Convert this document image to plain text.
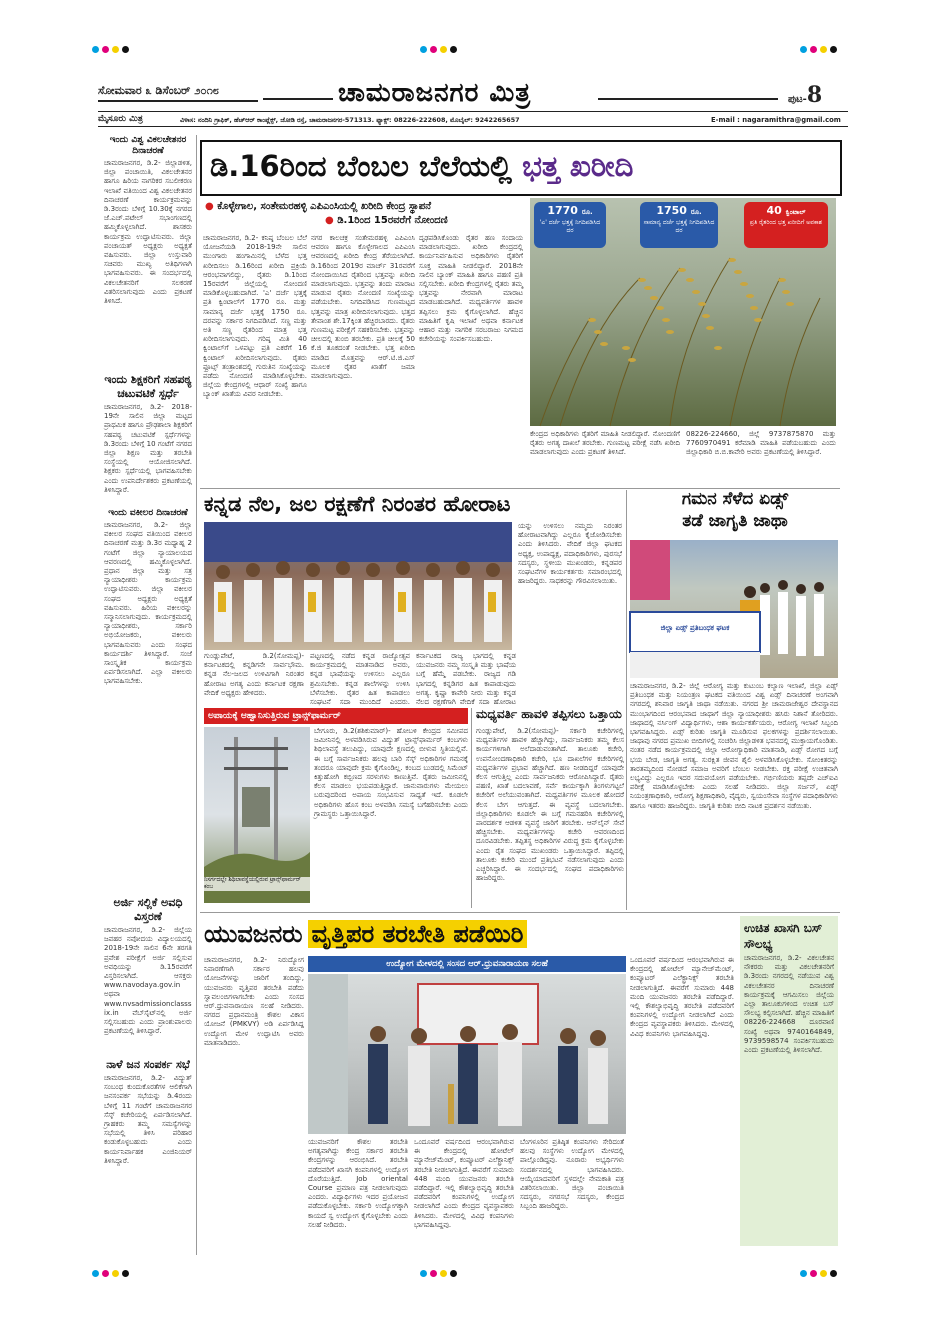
ಸೋಮವಾರ ೩ ಡಿಸೆಂಬರ್ ೨೦೧೮	ಚಾಮರಾಜನಗರ ಮಿತ್ರ	ಪುಟ-8
ಮೈಸೂರು ಮಿತ್ರ	ವಿಳಾಸ: ನಂದಿನಿ ಗ್ರಾಫಿಕ್, ಹೆಚ್‌ಆರ್ ಕಾಂಪ್ಲೆಕ್ಸ್, ಜೋಡಿ ರಸ್ತೆ, ಚಾಮರಾಜನಗರ-571313. ಫ್ಯಾಕ್ಸ್: 08226-222608, ಮೊಬೈಲ್: 9242265657	E-mail : nagaramithra@gmail.com
ಇಂದು ವಿಶ್ವ ವಿಕಲಚೇತನರ ದಿನಾಚರಣೆ
ಚಾಮರಾಜನಗರ, ಡಿ.2- ಜಿಲ್ಲಾಡಳಿತ, ಜಿಲ್ಲಾ ಪಂಚಾಯಿತಿ, ವಿಕಲಚೇತನರ ಹಾಗೂ ಹಿರಿಯ ನಾಗರಿಕರ ಸಬಲೀಕರಣ ಇಲಾಖೆ ವತಿಯಿಂದ ವಿಶ್ವ ವಿಕಲಚೇತನರ ದಿನಾಚರಣೆ ಕಾರ್ಯಕ್ರಮವನ್ನು ಡಿ.3ರಂದು ಬೆಳಿಗ್ಗೆ 10.30ಕ್ಕೆ ನಗರದ ಜೆ.ಎಚ್.ಪಟೇಲ್ ಸಭಾಂಗಣದಲ್ಲಿ ಹಮ್ಮಿಕೊಳ್ಳಲಾಗಿದೆ. ಶಾಸಕರು ಕಾರ್ಯಕ್ರಮ ಉದ್ಘಾಟಿಸುವರು. ಜಿಲ್ಲಾ ಪಂಚಾಯತ್ ಅಧ್ಯಕ್ಷರು ಅಧ್ಯಕ್ಷತೆ ವಹಿಸುವರು. ಜಿಲ್ಲಾ ಉಸ್ತುವಾರಿ ಸಚಿವರು ಮುಖ್ಯ ಅತಿಥಿಗಳಾಗಿ ಭಾಗವಹಿಸುವರು. ಈ ಸಂದರ್ಭದಲ್ಲಿ ವಿಕಲಚೇತನರಿಗೆ ಸಲಕರಣೆ ವಿತರಿಸಲಾಗುವುದು ಎಂದು ಪ್ರಕಟಣೆ ತಿಳಿಸಿದೆ.
ಇಂದು ಶಿಕ್ಷಕರಿಗೆ ಸಹಪಠ್ಯ ಚಟುವಟಿಕೆ ಸ್ಪರ್ಧೆ
ಚಾಮರಾಜನಗರ, ಡಿ.2- 2018-19ನೇ ಸಾಲಿನ ಜಿಲ್ಲಾ ಮಟ್ಟದ ಪ್ರಾಥಮಿಕ ಹಾಗೂ ಪ್ರೌಢಶಾಲಾ ಶಿಕ್ಷಕರಿಗೆ ಸಹಪಠ್ಯ ಚಟುವಟಿಕೆ ಸ್ಪರ್ಧೆಗಳನ್ನು ಡಿ.3ರಂದು ಬೆಳಿಗ್ಗೆ 10 ಗಂಟೆಗೆ ನಗರದ ಜಿಲ್ಲಾ ಶಿಕ್ಷಣ ಮತ್ತು ತರಬೇತಿ ಸಂಸ್ಥೆಯಲ್ಲಿ ಆಯೋಜಿಸಲಾಗಿದೆ. ಶಿಕ್ಷಕರು ಸ್ಪರ್ಧೆಯಲ್ಲಿ ಭಾಗವಹಿಸಬೇಕು ಎಂದು ಉಪನಿರ್ದೇಶಕರು ಪ್ರಕಟಣೆಯಲ್ಲಿ ತಿಳಿಸಿದ್ದಾರೆ.
ಇಂದು ವಕೀಲರ ದಿನಾಚರಣೆ
ಚಾಮರಾಜನಗರ, ಡಿ.2- ಜಿಲ್ಲಾ ವಕೀಲರ ಸಂಘದ ವತಿಯಿಂದ ವಕೀಲರ ದಿನಾಚರಣೆ ಮತ್ತು ಡಿ.3ರ ಮಧ್ಯಾಹ್ನ 2 ಗಂಟೆಗೆ ಜಿಲ್ಲಾ ನ್ಯಾಯಾಲಯದ ಆವರಣದಲ್ಲಿ ಹಮ್ಮಿಕೊಳ್ಳಲಾಗಿದೆ. ಪ್ರಧಾನ ಜಿಲ್ಲಾ ಮತ್ತು ಸತ್ರ ನ್ಯಾಯಾಧೀಶರು ಕಾರ್ಯಕ್ರಮ ಉದ್ಘಾಟಿಸುವರು. ಜಿಲ್ಲಾ ವಕೀಲರ ಸಂಘದ ಅಧ್ಯಕ್ಷರು ಅಧ್ಯಕ್ಷತೆ ವಹಿಸುವರು. ಹಿರಿಯ ವಕೀಲರನ್ನು ಸನ್ಮಾನಿಸಲಾಗುವುದು. ಕಾರ್ಯಕ್ರಮದಲ್ಲಿ ನ್ಯಾಯಾಧೀಶರು, ಸರ್ಕಾರಿ ಅಭಿಯೋಜಕರು, ವಕೀಲರು ಭಾಗವಹಿಸುವರು ಎಂದು ಸಂಘದ ಕಾರ್ಯದರ್ಶಿ ತಿಳಿಸಿದ್ದಾರೆ. ಸಂಜೆ ಸಾಂಸ್ಕೃತಿಕ ಕಾರ್ಯಕ್ರಮ ಏರ್ಪಡಿಸಲಾಗಿದೆ. ಎಲ್ಲಾ ವಕೀಲರು ಭಾಗವಹಿಸಬೇಕು.
ಅರ್ಜಿ ಸಲ್ಲಿಕೆ ಅವಧಿ ವಿಸ್ತರಣೆ
ಚಾಮರಾಜನಗರ, ಡಿ.2- ಜಿಲ್ಲೆಯ ಜವಹರ ನವೋದಯ ವಿದ್ಯಾಲಯದಲ್ಲಿ 2018-19ನೇ ಸಾಲಿನ 6ನೇ ತರಗತಿ ಪ್ರವೇಶ ಪರೀಕ್ಷೆಗೆ ಅರ್ಜಿ ಸಲ್ಲಿಸುವ ಅವಧಿಯನ್ನು ಡಿ.15ರವರೆಗೆ ವಿಸ್ತರಿಸಲಾಗಿದೆ. ಆಸಕ್ತರು www.navodaya.gov.in ಅಥವಾ www.nvsadmissionclasssix.in ವೆಬ್‌ಸೈಟ್‌ನಲ್ಲಿ ಅರ್ಜಿ ಸಲ್ಲಿಸಬಹುದು ಎಂದು ಪ್ರಾಂಶುಪಾಲರು ಪ್ರಕಟಣೆಯಲ್ಲಿ ತಿಳಿಸಿದ್ದಾರೆ.
ನಾಳೆ ಜನ ಸಂಪರ್ಕ ಸಭೆ
ಚಾಮರಾಜನಗರ, ಡಿ.2- ವಿದ್ಯುತ್ ಸಂಬಂಧ ಕುಂದುಕೊರತೆಗಳ ಆಲಿಕೆಗಾಗಿ ಜನಸಂಪರ್ಕ ಸಭೆಯನ್ನು ಡಿ.4ರಂದು ಬೆಳಿಗ್ಗೆ 11 ಗಂಟೆಗೆ ಚಾಮರಾಜನಗರ ಸೆಸ್ಕ್ ಕಚೇರಿಯಲ್ಲಿ ಏರ್ಪಡಿಸಲಾಗಿದೆ. ಗ್ರಾಹಕರು ತಮ್ಮ ಸಮಸ್ಯೆಗಳನ್ನು ಸಭೆಯಲ್ಲಿ ತಿಳಿಸಿ ಪರಿಹಾರ ಕಂಡುಕೊಳ್ಳಬಹುದು ಎಂದು ಕಾರ್ಯನಿರ್ವಾಹಕ ಎಂಜಿನಿಯರ್ ತಿಳಿಸಿದ್ದಾರೆ.
ಡಿ.16ರಿಂದ ಬೆಂಬಲ ಬೆಲೆಯಲ್ಲಿ ಭತ್ತ ಖರೀದಿ
● ಕೊಳ್ಳೇಗಾಲ, ಸಂತೇಮರಹಳ್ಳಿ ಎಪಿಎಂಸಿಯಲ್ಲಿ ಖರೀದಿ ಕೇಂದ್ರ ಸ್ಥಾಪನೆ
● ಡಿ.1ರಿಂದ 15ರವರೆಗೆ ನೋಂದಣಿ
1770 ರೂ.
'ಎ' ದರ್ಜೆ ಭತ್ತಕ್ಕೆ ನಿಗದಿಪಡಿಸಿದ ದರ
1750 ರೂ.
ಸಾಮಾನ್ಯ ದರ್ಜೆ ಭತ್ತಕ್ಕೆ ನಿಗದಿಪಡಿಸಿದ ದರ
40 ಕ್ವಿಂಟಾಲ್
ಪ್ರತಿ ರೈತರಿಂದ ಭತ್ತ ಖರೀದಿಗೆ ಅವಕಾಶ
ಚಾಮರಾಜನಗರ, ಡಿ.2- ಕನಿಷ್ಠ ಬೆಂಬಲ ಬೆಲೆ ಯೋಜನೆಯಡಿ 2018-19ನೇ ಸಾಲಿನ ಮುಂಗಾರು ಹಂಗಾಮಿನಲ್ಲಿ ಬೆಳೆದ ಭತ್ತ ಖರೀದಿಸಲು ಡಿ.16ರಿಂದ ಖರೀದಿ ಪ್ರಕ್ರಿಯೆ ಆರಂಭವಾಗಲಿದ್ದು, ರೈತರು ಡಿ.1ರಿಂದ 15ರವರೆಗೆ ಜಿಲ್ಲೆಯಲ್ಲಿ ನೋಂದಣಿ ಮಾಡಿಕೊಳ್ಳಬಹುದಾಗಿದೆ. 'ಎ' ದರ್ಜೆ ಭತ್ತಕ್ಕೆ ಪ್ರತಿ ಕ್ವಿಂಟಾಲ್‌ಗೆ 1770 ರೂ. ಮತ್ತು ಸಾಮಾನ್ಯ ದರ್ಜೆ ಭತ್ತಕ್ಕೆ 1750 ರೂ. ದರವನ್ನು ಸರ್ಕಾರ ನಿಗದಿಪಡಿಸಿದೆ. ಸಣ್ಣ ಮತ್ತು ಅತಿ ಸಣ್ಣ ರೈತರಿಂದ ಮಾತ್ರ ಭತ್ತ ಖರೀದಿಸಲಾಗುವುದು. ಗರಿಷ್ಠ ಮಿತಿ 40 ಕ್ವಿಂಟಾಲ್‌ಗೆ ಒಳಪಟ್ಟು ಪ್ರತಿ ಎಕರೆಗೆ 16 ಕ್ವಿಂಟಾಲ್ ಖರೀದಿಸಲಾಗುವುದು. ರೈತರು ಫ್ರೂಟ್ಸ್ ತಂತ್ರಾಂಶದಲ್ಲಿ ಗುರುತಿನ ಸಂಖ್ಯೆಯನ್ನು ಪಡೆದು ನೋಂದಣಿ ಮಾಡಿಸಿಕೊಳ್ಳಬೇಕು. ಜಿಲ್ಲೆಯ ಕೇಂದ್ರಗಳಲ್ಲಿ ಆಧಾರ್ ಸಂಖ್ಯೆ ಹಾಗೂ ಬ್ಯಾಂಕ್ ಖಾತೆಯ ವಿವರ ನೀಡಬೇಕು.
ನಗರ ಕಾಲಚಕ್ರ ಸಂತೇಮರಹಳ್ಳಿ ಎಪಿಎಂಸಿ ಆವರಣ ಹಾಗೂ ಕೊಳ್ಳೇಗಾಲದ ಎಪಿಎಂಸಿ ಆವರಣದಲ್ಲಿ ಖರೀದಿ ಕೇಂದ್ರ ತೆರೆಯಲಾಗಿದೆ. ಡಿ.16ರಿಂದ 2019ರ ಮಾರ್ಚ್ 31ರವರೆಗೆ ನೋಂದಾಯಿಸಿದ ರೈತರಿಂದ ಭತ್ತವನ್ನು ಖರೀದಿ ಮಾಡಲಾಗುವುದು. ಭತ್ತವನ್ನು ತಂದು ಮಾರಾಟ ಮಾಡುವ ರೈತರು ನೋಂದಣಿ ಸಂಖ್ಯೆಯನ್ನು ಪಡೆಯಬೇಕು. ನಿಗದಿಪಡಿಸಿದ ಗುಣಮಟ್ಟದ ಭತ್ತವನ್ನು ಮಾತ್ರ ಖರೀದಿಸಲಾಗುವುದು. ಭತ್ತದ ತೇವಾಂಶ ಶೇ.17ಕ್ಕಿಂತ ಹೆಚ್ಚಿರಬಾರದು. ರೈತರು ಗುಣಮಟ್ಟ ಪರೀಕ್ಷೆಗೆ ಸಹಕರಿಸಬೇಕು. ಭತ್ತವನ್ನು ಚೀಲದಲ್ಲಿ ತುಂಬಿ ತರಬೇಕು. ಪ್ರತಿ ಚೀಲಕ್ಕೆ 50 ಕೆ.ಜಿ ತೂಕದಂತೆ ನೀಡಬೇಕು. ಭತ್ತ ಖರೀದಿ ಮಾಡಿದ ಮೊತ್ತವನ್ನು ಆರ್.ಟಿ.ಜಿ.ಎಸ್ ಮೂಲಕ ರೈತರ ಖಾತೆಗೆ ಜಮಾ ಮಾಡಲಾಗುವುದು.
ದೃಢಪಡಿಸಿಕೊಂಡು ರೈತರ ಹಣ ಸಂದಾಯ ಮಾಡಲಾಗುವುದು. ಖರೀದಿ ಕೇಂದ್ರದಲ್ಲಿ ಕಾರ್ಯನಿರ್ವಹಿಸುವ ಅಧಿಕಾರಿಗಳು ರೈತರಿಗೆ ಸೂಕ್ತ ಮಾಹಿತಿ ನೀಡಲಿದ್ದಾರೆ. 2018ನೇ ಸಾಲಿನ ಬ್ಯಾಂಕ್ ಮಾಹಿತಿ ಹಾಗೂ ಪಹಣಿ ಪ್ರತಿ ಸಲ್ಲಿಸಬೇಕು. ಖರೀದಿ ಕೇಂದ್ರಗಳಲ್ಲಿ ರೈತರು ತಮ್ಮ ಭತ್ತವನ್ನು ನೇರವಾಗಿ ಮಾರಾಟ ಮಾಡಬಹುದಾಗಿದೆ. ಮಧ್ಯವರ್ತಿಗಳ ಹಾವಳಿ ತಪ್ಪಿಸಲು ಕ್ರಮ ಕೈಗೊಳ್ಳಲಾಗಿದೆ. ಹೆಚ್ಚಿನ ಮಾಹಿತಿಗೆ ಕೃಷಿ ಇಲಾಖೆ ಅಥವಾ ಕರ್ನಾಟಕ ಆಹಾರ ಮತ್ತು ನಾಗರಿಕ ಸರಬರಾಜು ನಿಗಮದ ಕಚೇರಿಯನ್ನು ಸಂಪರ್ಕಿಸಬಹುದು.
ಕೇಂದ್ರದ ಅಧಿಕಾರಿಗಳು ರೈತರಿಗೆ ಮಾಹಿತಿ ನೀಡಲಿದ್ದಾರೆ. ನೋಂದಣಿಗೆ ರೈತರು ಅಗತ್ಯ ದಾಖಲೆ ತರಬೇಕು. ಗುಣಮಟ್ಟ ಪರೀಕ್ಷೆ ನಡೆಸಿ ಖರೀದಿ ಮಾಡಲಾಗುವುದು ಎಂದು ಪ್ರಕಟಣೆ ತಿಳಿಸಿದೆ.
08226-224660, ಜಿಲ್ಲೆ 9737875870 ಮತ್ತು 7760970491 ಕರೆಮಾಡಿ ಮಾಹಿತಿ ಪಡೆಯಬಹುದು ಎಂದು ಜಿಲ್ಲಾಧಿಕಾರಿ ಬಿ.ಬಿ.ಕಾವೇರಿ ಅವರು ಪ್ರಕಟಣೆಯಲ್ಲಿ ತಿಳಿಸಿದ್ದಾರೆ.
ಕನ್ನಡ ನೆಲ, ಜಲ ರಕ್ಷಣೆಗೆ ನಿರಂತರ ಹೋರಾಟ
ಗುಂಡ್ಲುಪೇಟೆ, ಡಿ.2(ಸೋಮಪ್ಪ)- ಕರ್ನಾಟಕದಲ್ಲಿ ಕನ್ನಡಿಗನೇ ಸಾರ್ವಭೌಮ. ಕನ್ನಡ ನೆಲ-ಜಲದ ಉಳಿವಿಗಾಗಿ ನಿರಂತರ ಹೋರಾಟ ಅಗತ್ಯ ಎಂದು ಕರ್ನಾಟಕ ರಕ್ಷಣಾ ವೇದಿಕೆ ಅಧ್ಯಕ್ಷರು ಹೇಳಿದರು.
ಪಟ್ಟಣದಲ್ಲಿ ನಡೆದ ಕನ್ನಡ ರಾಜ್ಯೋತ್ಸವ ಕಾರ್ಯಕ್ರಮದಲ್ಲಿ ಮಾತನಾಡಿದ ಅವರು, ಕನ್ನಡ ಭಾಷೆಯನ್ನು ಉಳಿಸಲು ಎಲ್ಲರೂ ಶ್ರಮಿಸಬೇಕು. ಕನ್ನಡ ಶಾಲೆಗಳನ್ನು ಉಳಿಸಿ ಬೆಳೆಸಬೇಕು. ರೈತರ ಹಿತ ಕಾಪಾಡಲು ಸಂಘಟನೆ ಸದಾ ಮುಂದಿದೆ ಎಂದರು.
ಕರ್ನಾಟಕದ ರಾಜ್ಯ ಭಾಗದಲ್ಲಿ ಕನ್ನಡ ಯುವಜನರು ನಮ್ಮ ಸಂಸ್ಕೃತಿ ಮತ್ತು ಭಾಷೆಯ ಬಗ್ಗೆ ಹೆಮ್ಮೆ ಪಡಬೇಕು. ರಾಜ್ಯದ ಗಡಿ ಭಾಗದಲ್ಲಿ ಕನ್ನಡಿಗರ ಹಿತ ಕಾಪಾಡುವುದು ಅಗತ್ಯ. ಕೃಷ್ಣಾ ಕಾವೇರಿ ನೀರು ಮತ್ತು ಕನ್ನಡ ನೆಲದ ರಕ್ಷಣೆಗಾಗಿ ವೇದಿಕೆ ಸದಾ ಹೋರಾಟ
ಯನ್ನು ಉಳಿಸಲು ನಮ್ಮದು ನಿರಂತರ ಹೋರಾಟವಾಗಿದ್ದು ಎಲ್ಲರೂ ಕೈಜೋಡಿಸಬೇಕು ಎಂದು ತಿಳಿಸಿದರು. ವೇದಿಕೆ ಜಿಲ್ಲಾ ಘಟಕದ ಅಧ್ಯಕ್ಷ, ಉಪಾಧ್ಯಕ್ಷ, ಪದಾಧಿಕಾರಿಗಳು, ಪುರಸಭೆ ಸದಸ್ಯರು, ಸ್ಥಳೀಯ ಮುಖಂಡರು, ಕನ್ನಡಪರ ಸಂಘಟನೆಗಳ ಕಾರ್ಯಕರ್ತರು ಸಮಾರಂಭದಲ್ಲಿ ಹಾಜರಿದ್ದರು. ಸಾಧಕರನ್ನು ಗೌರವಿಸಲಾಯಿತು.
ಗಮನ ಸೆಳೆದ ಏಡ್ಸ್
ತಡೆ ಜಾಗೃತಿ ಜಾಥಾ
ಜಿಲ್ಲಾ ಏಡ್ಸ್ ಪ್ರತಿಬಂಧಕ ಘಟಕ
ಚಾಮರಾಜನಗರ, ಡಿ.2- ಜಿಲ್ಲೆ ಆರೋಗ್ಯ ಮತ್ತು ಕುಟುಂಬ ಕಲ್ಯಾಣ ಇಲಾಖೆ, ಜಿಲ್ಲಾ ಏಡ್ಸ್ ಪ್ರತಿಬಂಧಕ ಮತ್ತು ನಿಯಂತ್ರಣ ಘಟಕದ ವತಿಯಿಂದ ವಿಶ್ವ ಏಡ್ಸ್ ದಿನಾಚರಣೆ ಅಂಗವಾಗಿ ನಗರದಲ್ಲಿ ಶನಿವಾರ ಜಾಗೃತಿ ಜಾಥಾ ನಡೆಯಿತು. ನಗರದ ಶ್ರೀ ಚಾಮರಾಜೇಶ್ವರ ದೇವಸ್ಥಾನದ ಮುಂಭಾಗದಿಂದ ಆರಂಭವಾದ ಜಾಥಾಗೆ ಜಿಲ್ಲಾ ನ್ಯಾಯಾಧೀಶರು ಹಸಿರು ನಿಶಾನೆ ತೋರಿದರು. ಜಾಥಾದಲ್ಲಿ ನರ್ಸಿಂಗ್ ವಿದ್ಯಾರ್ಥಿಗಳು, ಆಶಾ ಕಾರ್ಯಕರ್ತೆಯರು, ಆರೋಗ್ಯ ಇಲಾಖೆ ಸಿಬ್ಬಂದಿ ಭಾಗವಹಿಸಿದ್ದರು. ಏಡ್ಸ್ ಕುರಿತು ಜಾಗೃತಿ ಮೂಡಿಸುವ ಫಲಕಗಳನ್ನು ಪ್ರದರ್ಶಿಸಲಾಯಿತು. ಜಾಥಾವು ನಗರದ ಪ್ರಮುಖ ಬೀದಿಗಳಲ್ಲಿ ಸಂಚರಿಸಿ ಜಿಲ್ಲಾಡಳಿತ ಭವನದಲ್ಲಿ ಮುಕ್ತಾಯಗೊಂಡಿತು. ನಂತರ ನಡೆದ ಕಾರ್ಯಕ್ರಮದಲ್ಲಿ ಜಿಲ್ಲಾ ಆರೋಗ್ಯಾಧಿಕಾರಿ ಮಾತನಾಡಿ, ಏಡ್ಸ್ ರೋಗದ ಬಗ್ಗೆ ಭಯ ಬೇಡ, ಜಾಗೃತಿ ಅಗತ್ಯ. ಸುರಕ್ಷಿತ ಜೀವನ ಶೈಲಿ ಅಳವಡಿಸಿಕೊಳ್ಳಬೇಕು. ಸೋಂಕಿತರನ್ನು ತಾರತಮ್ಯದಿಂದ ನೋಡದೆ ಸಮಾಜ ಅವರಿಗೆ ಬೆಂಬಲ ನೀಡಬೇಕು. ರಕ್ತ ಪರೀಕ್ಷೆ ಉಚಿತವಾಗಿ ಲಭ್ಯವಿದ್ದು ಎಲ್ಲರೂ ಇದರ ಸದುಪಯೋಗ ಪಡೆಯಬೇಕು. ಗರ್ಭಿಣಿಯರು ತಪ್ಪದೇ ಎಚ್‌ಐವಿ ಪರೀಕ್ಷೆ ಮಾಡಿಸಿಕೊಳ್ಳಬೇಕು ಎಂದು ಸಲಹೆ ನೀಡಿದರು. ಜಿಲ್ಲಾ ಸರ್ಜನ್, ಏಡ್ಸ್ ನಿಯಂತ್ರಣಾಧಿಕಾರಿ, ಆರೋಗ್ಯ ಶಿಕ್ಷಣಾಧಿಕಾರಿ, ವೈದ್ಯರು, ಸ್ವಯಂಸೇವಾ ಸಂಸ್ಥೆಗಳ ಪದಾಧಿಕಾರಿಗಳು ಹಾಗೂ ಇತರರು ಹಾಜರಿದ್ದರು. ಜಾಗೃತಿ ಕುರಿತು ಬೀದಿ ನಾಟಕ ಪ್ರದರ್ಶನ ನಡೆಯಿತು.
ಅಪಾಯಕ್ಕೆ ಆಹ್ವಾನಿಸುತ್ತಿರುವ ಟ್ರಾನ್ಸ್‌ಫಾರ್ಮರ್
ನಿಸರ್ಗದಲ್ಲೇ ಶಿಥಿಲಾವಸ್ಥೆಯಲ್ಲಿರುವ ಟ್ರಾನ್ಸ್‌ಫಾರ್ಮರ್ ಕಂಬ
ಬೇಗೂರು, ಡಿ.2(ಶಶಿಕುಮಾರ್)- ಹೋಬಳಿ ಕೇಂದ್ರದ ಸಮೀಪದ ಜಮೀನಿನಲ್ಲಿ ಅಳವಡಿಸಿರುವ ವಿದ್ಯುತ್ ಟ್ರಾನ್ಸ್‌ಫಾರ್ಮರ್ ಕಂಬಗಳು ಶಿಥಿಲಾವಸ್ಥೆ ತಲುಪಿದ್ದು, ಯಾವುದೇ ಕ್ಷಣದಲ್ಲಿ ಬೀಳುವ ಸ್ಥಿತಿಯಲ್ಲಿವೆ. ಈ ಬಗ್ಗೆ ಸಾರ್ವಜನಿಕರು ಹಲವು ಬಾರಿ ಸೆಸ್ಕ್ ಅಧಿಕಾರಿಗಳ ಗಮನಕ್ಕೆ ತಂದರೂ ಯಾವುದೇ ಕ್ರಮ ಕೈಗೊಂಡಿಲ್ಲ. ಕಂಬದ ಬುಡದಲ್ಲಿ ಸಿಮೆಂಟ್ ಕಿತ್ತುಹೋಗಿ ಕಬ್ಬಿಣದ ಸರಳುಗಳು ಕಾಣುತ್ತಿವೆ. ರೈತರು ಜಮೀನಿನಲ್ಲಿ ಕೆಲಸ ಮಾಡಲು ಭಯಪಡುತ್ತಿದ್ದಾರೆ. ಜಾನುವಾರುಗಳು ಮೇಯಲು ಬರುವುದರಿಂದ ಅಪಾಯ ಸಂಭವಿಸುವ ಸಾಧ್ಯತೆ ಇದೆ. ಕೂಡಲೇ ಅಧಿಕಾರಿಗಳು ಹೊಸ ಕಂಬ ಅಳವಡಿಸಿ ಸಮಸ್ಯೆ ಬಗೆಹರಿಸಬೇಕು ಎಂದು ಗ್ರಾಮಸ್ಥರು ಒತ್ತಾಯಿಸಿದ್ದಾರೆ.
ಮಧ್ಯವರ್ತಿ ಹಾವಳಿ ತಪ್ಪಿಸಲು ಒತ್ತಾಯ
ಗುಂಡ್ಲುಪೇಟೆ, ಡಿ.2(ಸೋಮಪ್ಪ)- ಸರ್ಕಾರಿ ಕಚೇರಿಗಳಲ್ಲಿ ಮಧ್ಯವರ್ತಿಗಳ ಹಾವಳಿ ಹೆಚ್ಚಾಗಿದ್ದು, ಸಾರ್ವಜನಿಕರು ತಮ್ಮ ಕೆಲಸ ಕಾರ್ಯಗಳಿಗಾಗಿ ಅಲೆದಾಡುವಂತಾಗಿದೆ. ತಾಲೂಕು ಕಚೇರಿ, ಉಪನೋಂದಣಾಧಿಕಾರಿ ಕಚೇರಿ, ಭೂ ದಾಖಲೆಗಳ ಕಚೇರಿಗಳಲ್ಲಿ ಮಧ್ಯವರ್ತಿಗಳ ಪ್ರಭಾವ ಹೆಚ್ಚಾಗಿದೆ. ಹಣ ನೀಡದಿದ್ದರೆ ಯಾವುದೇ ಕೆಲಸ ಆಗುತ್ತಿಲ್ಲ ಎಂದು ಸಾರ್ವಜನಿಕರು ಆರೋಪಿಸಿದ್ದಾರೆ. ರೈತರು ಪಹಣಿ, ಖಾತೆ ಬದಲಾವಣೆ, ಸರ್ವೆ ಕಾರ್ಯಕ್ಕಾಗಿ ತಿಂಗಳುಗಟ್ಟಲೆ ಕಚೇರಿಗೆ ಅಲೆಯುವಂತಾಗಿದೆ. ಮಧ್ಯವರ್ತಿಗಳ ಮೂಲಕ ಹೋದರೆ ಕೆಲಸ ಬೇಗ ಆಗುತ್ತದೆ. ಈ ವ್ಯವಸ್ಥೆ ಬದಲಾಗಬೇಕು. ಜಿಲ್ಲಾಧಿಕಾರಿಗಳು ಕೂಡಲೇ ಈ ಬಗ್ಗೆ ಗಮನಹರಿಸಿ ಕಚೇರಿಗಳಲ್ಲಿ ಪಾರದರ್ಶಕ ಆಡಳಿತ ವ್ಯವಸ್ಥೆ ಜಾರಿಗೆ ತರಬೇಕು. ಆನ್‌ಲೈನ್ ಸೇವೆ ಹೆಚ್ಚಿಸಬೇಕು. ಮಧ್ಯವರ್ತಿಗಳನ್ನು ಕಚೇರಿ ಆವರಣದಿಂದ ದೂರವಿಡಬೇಕು. ತಪ್ಪಿತಸ್ಥ ಅಧಿಕಾರಿಗಳ ವಿರುದ್ಧ ಕ್ರಮ ಕೈಗೊಳ್ಳಬೇಕು ಎಂದು ರೈತ ಸಂಘದ ಮುಖಂಡರು ಒತ್ತಾಯಿಸಿದ್ದಾರೆ. ತಪ್ಪಿದಲ್ಲಿ ತಾಲೂಕು ಕಚೇರಿ ಮುಂದೆ ಪ್ರತಿಭಟನೆ ನಡೆಸಲಾಗುವುದು ಎಂದು ಎಚ್ಚರಿಸಿದ್ದಾರೆ. ಈ ಸಂದರ್ಭದಲ್ಲಿ ಸಂಘದ ಪದಾಧಿಕಾರಿಗಳು ಹಾಜರಿದ್ದರು.
ಯುವಜನರು ವೃತ್ತಿಪರ ತರಬೇತಿ ಪಡೆಯಿರಿ
ಚಾಮರಾಜನಗರ, ಡಿ.2- ನಿರುದ್ಯೋಗ ನಿವಾರಣೆಗಾಗಿ ಸರ್ಕಾರ ಹಲವು ಯೋಜನೆಗಳನ್ನು ಜಾರಿಗೆ ತಂದಿದ್ದು, ಯುವಜನರು ವೃತ್ತಿಪರ ತರಬೇತಿ ಪಡೆದು ಸ್ವಾವಲಂಬಿಗಳಾಗಬೇಕು ಎಂದು ಸಂಸದ ಆರ್.ಧ್ರುವನಾರಾಯಣ ಸಲಹೆ ನೀಡಿದರು. ನಗರದ ಪ್ರಧಾನಮಂತ್ರಿ ಕೌಶಲ ವಿಕಾಸ ಯೋಜನೆ (PMKVY) ಅಡಿ ಏರ್ಪಡಿಸಿದ್ದ ಉದ್ಯೋಗ ಮೇಳ ಉದ್ಘಾಟಿಸಿ ಅವರು ಮಾತನಾಡಿದರು.
ಉದ್ಯೋಗ ಮೇಳದಲ್ಲಿ ಸಂಸದ ಆರ್.ಧ್ರುವನಾರಾಯಣ ಸಲಹೆ
ಯುವಜನರಿಗೆ ಕೌಶಲ ತರಬೇತಿ ಅಗತ್ಯವಾಗಿದ್ದು ಕೇಂದ್ರ ಸರ್ಕಾರ ತರಬೇತಿ ಕೇಂದ್ರಗಳನ್ನು ಆರಂಭಿಸಿದೆ. ತರಬೇತಿ ಪಡೆದವರಿಗೆ ಖಾಸಗಿ ಕಂಪನಿಗಳಲ್ಲಿ ಉದ್ಯೋಗ ದೊರೆಯುತ್ತಿದೆ. Job oriental Course ಪ್ರಮಾಣ ಪತ್ರ ನೀಡಲಾಗುವುದು ಎಂದರು. ವಿದ್ಯಾರ್ಥಿಗಳು ಇದರ ಪ್ರಯೋಜನ ಪಡೆದುಕೊಳ್ಳಬೇಕು. ಸರ್ಕಾರಿ ಉದ್ಯೋಗಕ್ಕಾಗಿ ಕಾಯದೆ ಸ್ವ ಉದ್ಯೋಗ ಕೈಗೊಳ್ಳಬೇಕು ಎಂದು ಸಲಹೆ ನೀಡಿದರು.
ಒಂದೂವರೆ ವರ್ಷದಿಂದ ಆರಂಭವಾಗಿರುವ ಈ ಕೇಂದ್ರದಲ್ಲಿ ಹೋಟೆಲ್ ಮ್ಯಾನೇಜ್‌ಮೆಂಟ್, ಕಂಪ್ಯೂಟರ್ ಎಲೆಕ್ಟ್ರಾನಿಕ್ಸ್ ತರಬೇತಿ ನೀಡಲಾಗುತ್ತಿದೆ. ಈವರೆಗೆ ಸುಮಾರು 448 ಮಂದಿ ಯುವಜನರು ತರಬೇತಿ ಪಡೆದಿದ್ದಾರೆ. ಇಲ್ಲಿ ಕೌಶಲ್ಯಾಭಿವೃದ್ಧಿ ತರಬೇತಿ ಪಡೆದವರಿಗೆ ಕಂಪನಿಗಳಲ್ಲಿ ಉದ್ಯೋಗ ನೀಡಲಾಗಿದೆ ಎಂದು ಕೇಂದ್ರದ ವ್ಯವಸ್ಥಾಪಕರು ತಿಳಿಸಿದರು. ಮೇಳದಲ್ಲಿ ವಿವಿಧ ಕಂಪನಿಗಳು ಭಾಗವಹಿಸಿದ್ದವು.
ಬೆಂಗಳೂರಿನ ಪ್ರತಿಷ್ಠಿತ ಕಂಪನಿಗಳು ಸೇರಿದಂತೆ ಹಲವು ಸಂಸ್ಥೆಗಳು ಉದ್ಯೋಗ ಮೇಳದಲ್ಲಿ ಪಾಲ್ಗೊಂಡಿದ್ದವು. ನೂರಾರು ಅಭ್ಯರ್ಥಿಗಳು ಸಂದರ್ಶನದಲ್ಲಿ ಭಾಗವಹಿಸಿದರು. ಆಯ್ಕೆಯಾದವರಿಗೆ ಸ್ಥಳದಲ್ಲೇ ನೇಮಕಾತಿ ಪತ್ರ ವಿತರಿಸಲಾಯಿತು. ಜಿಲ್ಲಾ ಪಂಚಾಯಿತಿ ಸದಸ್ಯರು, ನಗರಸಭೆ ಸದಸ್ಯರು, ಕೇಂದ್ರದ ಸಿಬ್ಬಂದಿ ಹಾಜರಿದ್ದರು.
ಒಂದೂವರೆ ವರ್ಷದಿಂದ ಆರಂಭವಾಗಿರುವ ಈ ಕೇಂದ್ರದಲ್ಲಿ ಹೋಟೆಲ್ ಮ್ಯಾನೇಜ್‌ಮೆಂಟ್, ಕಂಪ್ಯೂಟರ್ ಎಲೆಕ್ಟ್ರಾನಿಕ್ಸ್ ತರಬೇತಿ ನೀಡಲಾಗುತ್ತಿದೆ. ಈವರೆಗೆ ಸುಮಾರು 448 ಮಂದಿ ಯುವಜನರು ತರಬೇತಿ ಪಡೆದಿದ್ದಾರೆ. ಇಲ್ಲಿ ಕೌಶಲ್ಯಾಭಿವೃದ್ಧಿ ತರಬೇತಿ ಪಡೆದವರಿಗೆ ಕಂಪನಿಗಳಲ್ಲಿ ಉದ್ಯೋಗ ನೀಡಲಾಗಿದೆ ಎಂದು ಕೇಂದ್ರದ ವ್ಯವಸ್ಥಾಪಕರು ತಿಳಿಸಿದರು. ಮೇಳದಲ್ಲಿ ವಿವಿಧ ಕಂಪನಿಗಳು ಭಾಗವಹಿಸಿದ್ದವು.
ಉಚಿತ ಖಾಸಗಿ ಬಸ್ ಸೌಲಭ್ಯ
ಚಾಮರಾಜನಗರ, ಡಿ.2- ವಿಕಲಚೇತನ ನೌಕರರು ಮತ್ತು ವಿಕಲಚೇತನರಿಗೆ ಡಿ.3ರಂದು ನಗರದಲ್ಲಿ ನಡೆಯುವ ವಿಶ್ವ ವಿಕಲಚೇತನರ ದಿನಾಚರಣೆ ಕಾರ್ಯಕ್ರಮಕ್ಕೆ ಆಗಮಿಸಲು ಜಿಲ್ಲೆಯ ಎಲ್ಲಾ ತಾಲೂಕುಗಳಿಂದ ಉಚಿತ ಬಸ್ ಸೌಲಭ್ಯ ಕಲ್ಪಿಸಲಾಗಿದೆ. ಹೆಚ್ಚಿನ ಮಾಹಿತಿಗೆ 08226-224668 ದೂರವಾಣಿ ಸಂಖ್ಯೆ ಅಥವಾ 9740164849, 9739598574 ಸಂಪರ್ಕಿಸಬಹುದು ಎಂದು ಪ್ರಕಟಣೆಯಲ್ಲಿ ತಿಳಿಸಲಾಗಿದೆ.
